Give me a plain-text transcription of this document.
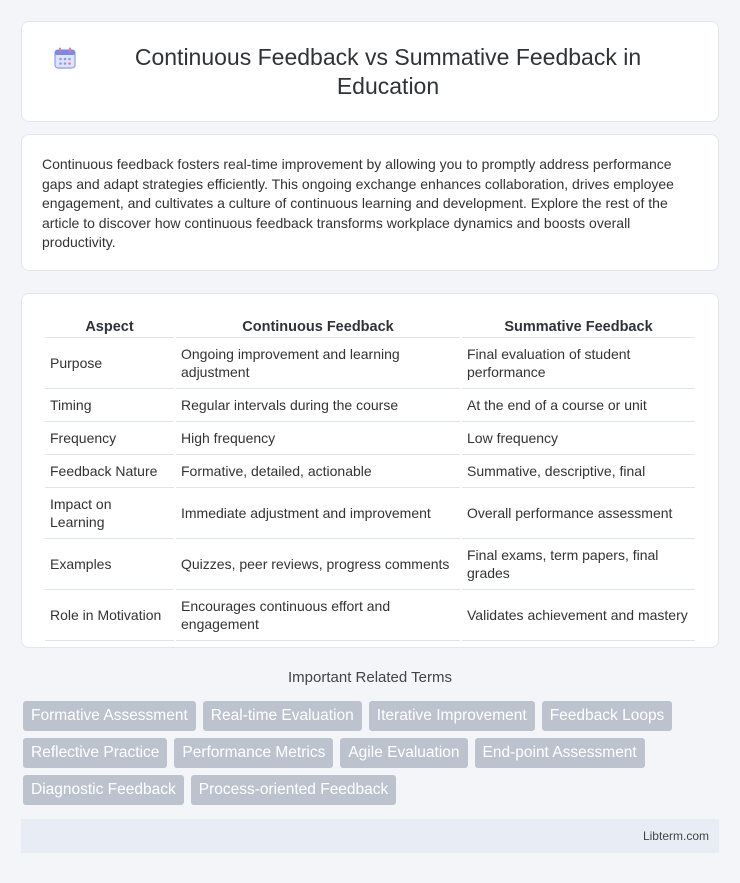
Continuous Feedback vs Summative Feedback in Education

Continuous feedback fosters real-time improvement by allowing you to promptly address performance gaps and adapt strategies efficiently. This ongoing exchange enhances collaboration, drives employee engagement, and cultivates a culture of continuous learning and development. Explore the rest of the article to discover how continuous feedback transforms workplace dynamics and boosts overall productivity.

Aspect	Continuous Feedback	Summative Feedback
Purpose	Ongoing improvement and learning adjustment	Final evaluation of student performance
Timing	Regular intervals during the course	At the end of a course or unit
Frequency	High frequency	Low frequency
Feedback Nature	Formative, detailed, actionable	Summative, descriptive, final
Impact on Learning	Immediate adjustment and improvement	Overall performance assessment
Examples	Quizzes, peer reviews, progress comments	Final exams, term papers, final grades
Role in Motivation	Encourages continuous effort and engagement	Validates achievement and mastery
Important Related Terms
Formative Assessment	Real-time Evaluation	Iterative Improvement	Feedback Loops
Reflective Practice	Performance Metrics	Agile Evaluation	End-point Assessment
Diagnostic Feedback	Process-oriented Feedback
Libterm.com
